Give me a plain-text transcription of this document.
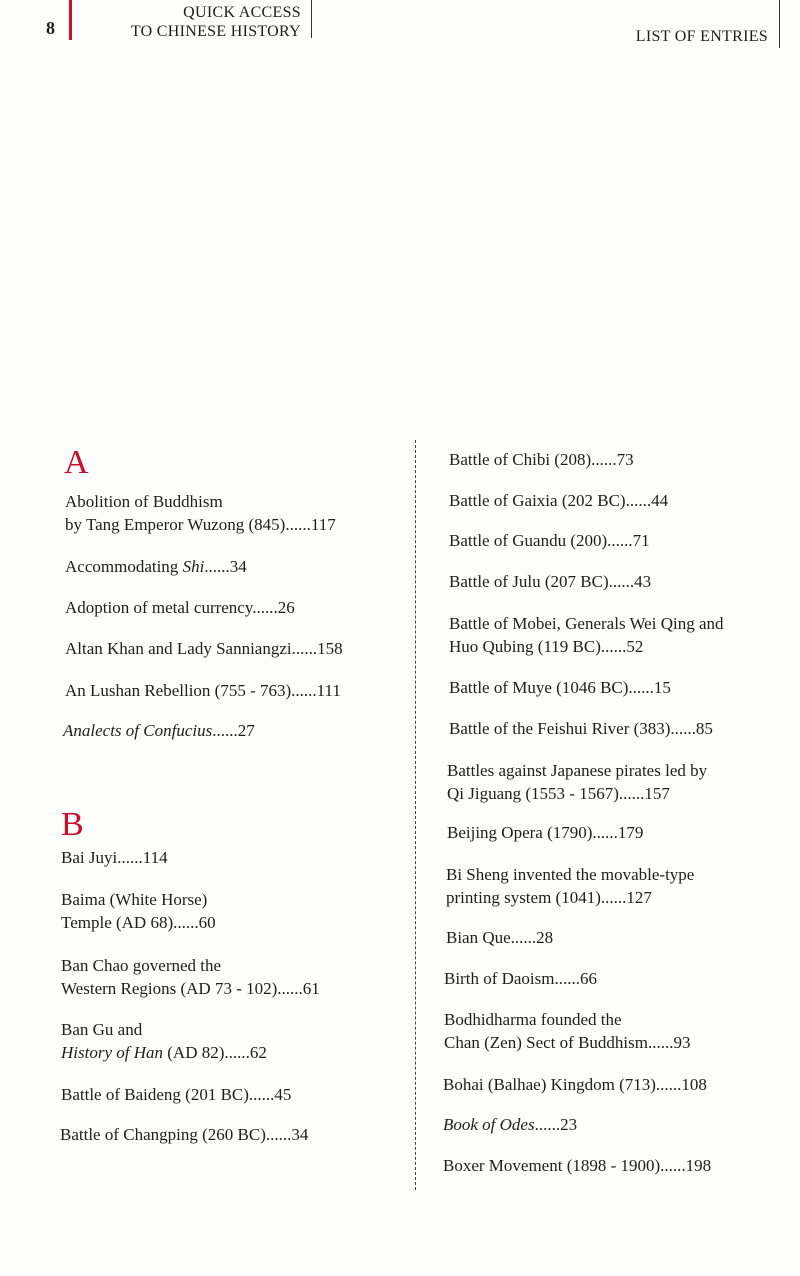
8
QUICK ACCESS
TO CHINESE HISTORY	LIST OF ENTRIES
A
Abolition of Buddhism
by Tang Emperor Wuzong (845)......117
Accommodating Shi......34
Adoption of metal currency......26
Altan Khan and Lady Sanniangzi......158
An Lushan Rebellion (755 - 763)......111
Analects of Confucius......27
B
Bai Juyi......114
Baima (White Horse)
Temple (AD 68)......60
Ban Chao governed the
Western Regions (AD 73 - 102)......61
Ban Gu and
History of Han (AD 82)......62
Battle of Baideng (201 BC)......45
Battle of Changping (260 BC)......34
Battle of Chibi (208)......73
Battle of Gaixia (202 BC)......44
Battle of Guandu (200)......71
Battle of Julu (207 BC)......43
Battle of Mobei, Generals Wei Qing and
Huo Qubing (119 BC)......52
Battle of Muye (1046 BC)......15
Battle of the Feishui River (383)......85
Battles against Japanese pirates led by
Qi Jiguang (1553 - 1567)......157
Beijing Opera (1790)......179
Bi Sheng invented the movable-type
printing system (1041)......127
Bian Que......28
Birth of Daoism......66
Bodhidharma founded the
Chan (Zen) Sect of Buddhism......93
Bohai (Balhae) Kingdom (713)......108
Book of Odes......23
Boxer Movement (1898 - 1900)......198
